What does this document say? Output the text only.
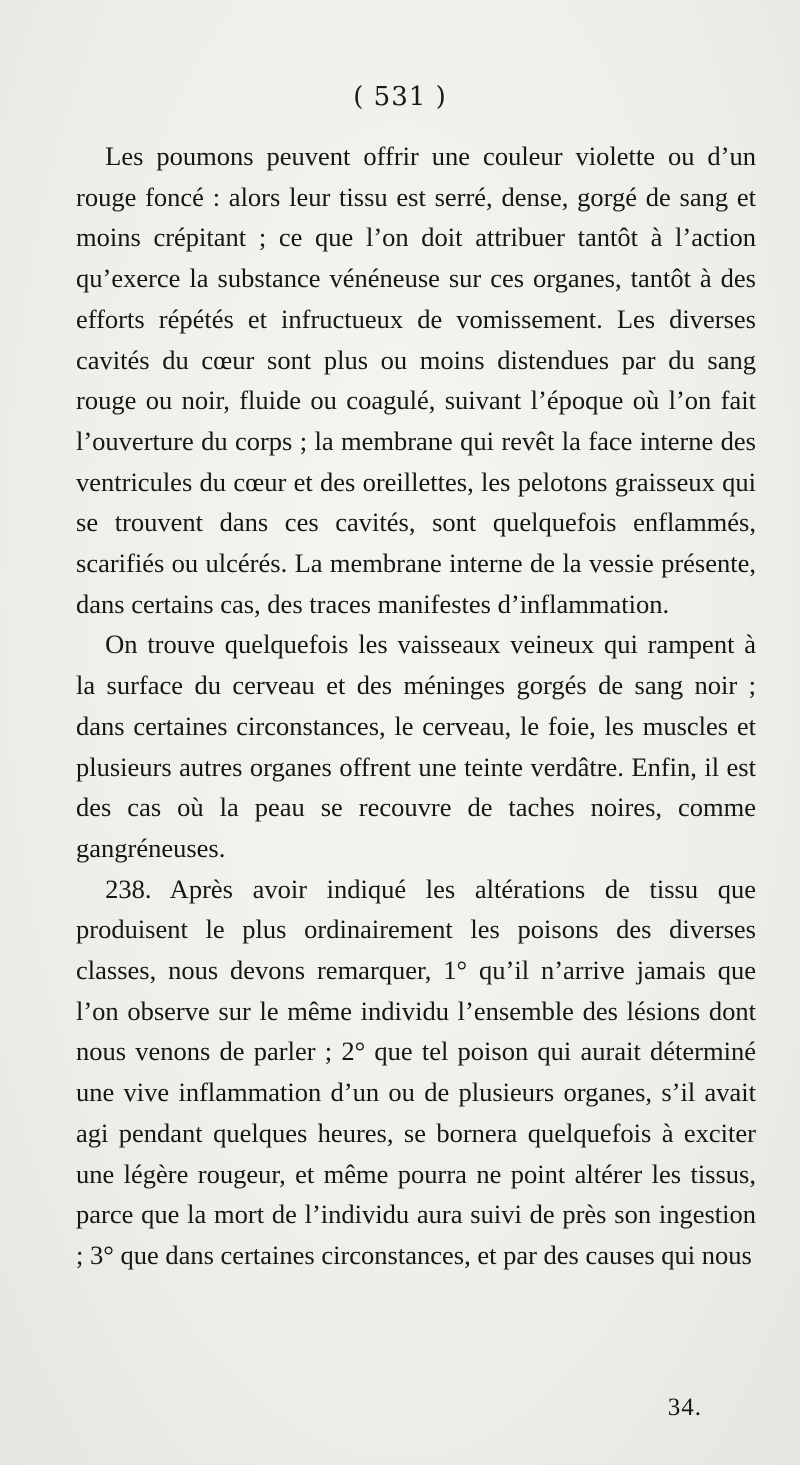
( 531 )

Les poumons peuvent offrir une couleur violette ou d’un rouge foncé : alors leur tissu est serré, dense, gorgé de sang et moins crépitant ; ce que l’on doit attribuer tantôt à l’action qu’exerce la substance vénéneuse sur ces organes, tantôt à des efforts répétés et infructueux de vomissement. Les diverses cavités du cœur sont plus ou moins distendues par du sang rouge ou noir, fluide ou coagulé, suivant l’époque où l’on fait l’ouverture du corps ; la membrane qui revêt la face interne des ventricules du cœur et des oreillettes, les pelotons graisseux qui se trouvent dans ces cavités, sont quelquefois enflammés, scarifiés ou ulcérés. La membrane interne de la vessie présente, dans certains cas, des traces manifestes d’inflammation.

On trouve quelquefois les vaisseaux veineux qui rampent à la surface du cerveau et des méninges gorgés de sang noir ; dans certaines circonstances, le cerveau, le foie, les muscles et plusieurs autres organes offrent une teinte verdâtre. Enfin, il est des cas où la peau se recouvre de taches noires, comme gangréneuses.

238. Après avoir indiqué les altérations de tissu que produisent le plus ordinairement les poisons des diverses classes, nous devons remarquer, 1° qu’il n’arrive jamais que l’on observe sur le même individu l’ensemble des lésions dont nous venons de parler ; 2° que tel poison qui aurait déterminé une vive inflammation d’un ou de plusieurs organes, s’il avait agi pendant quelques heures, se bornera quelquefois à exciter une légère rougeur, et même pourra ne point altérer les tissus, parce que la mort de l’individu aura suivi de près son ingestion ; 3° que dans certaines circonstances, et par des causes qui nous

34.
